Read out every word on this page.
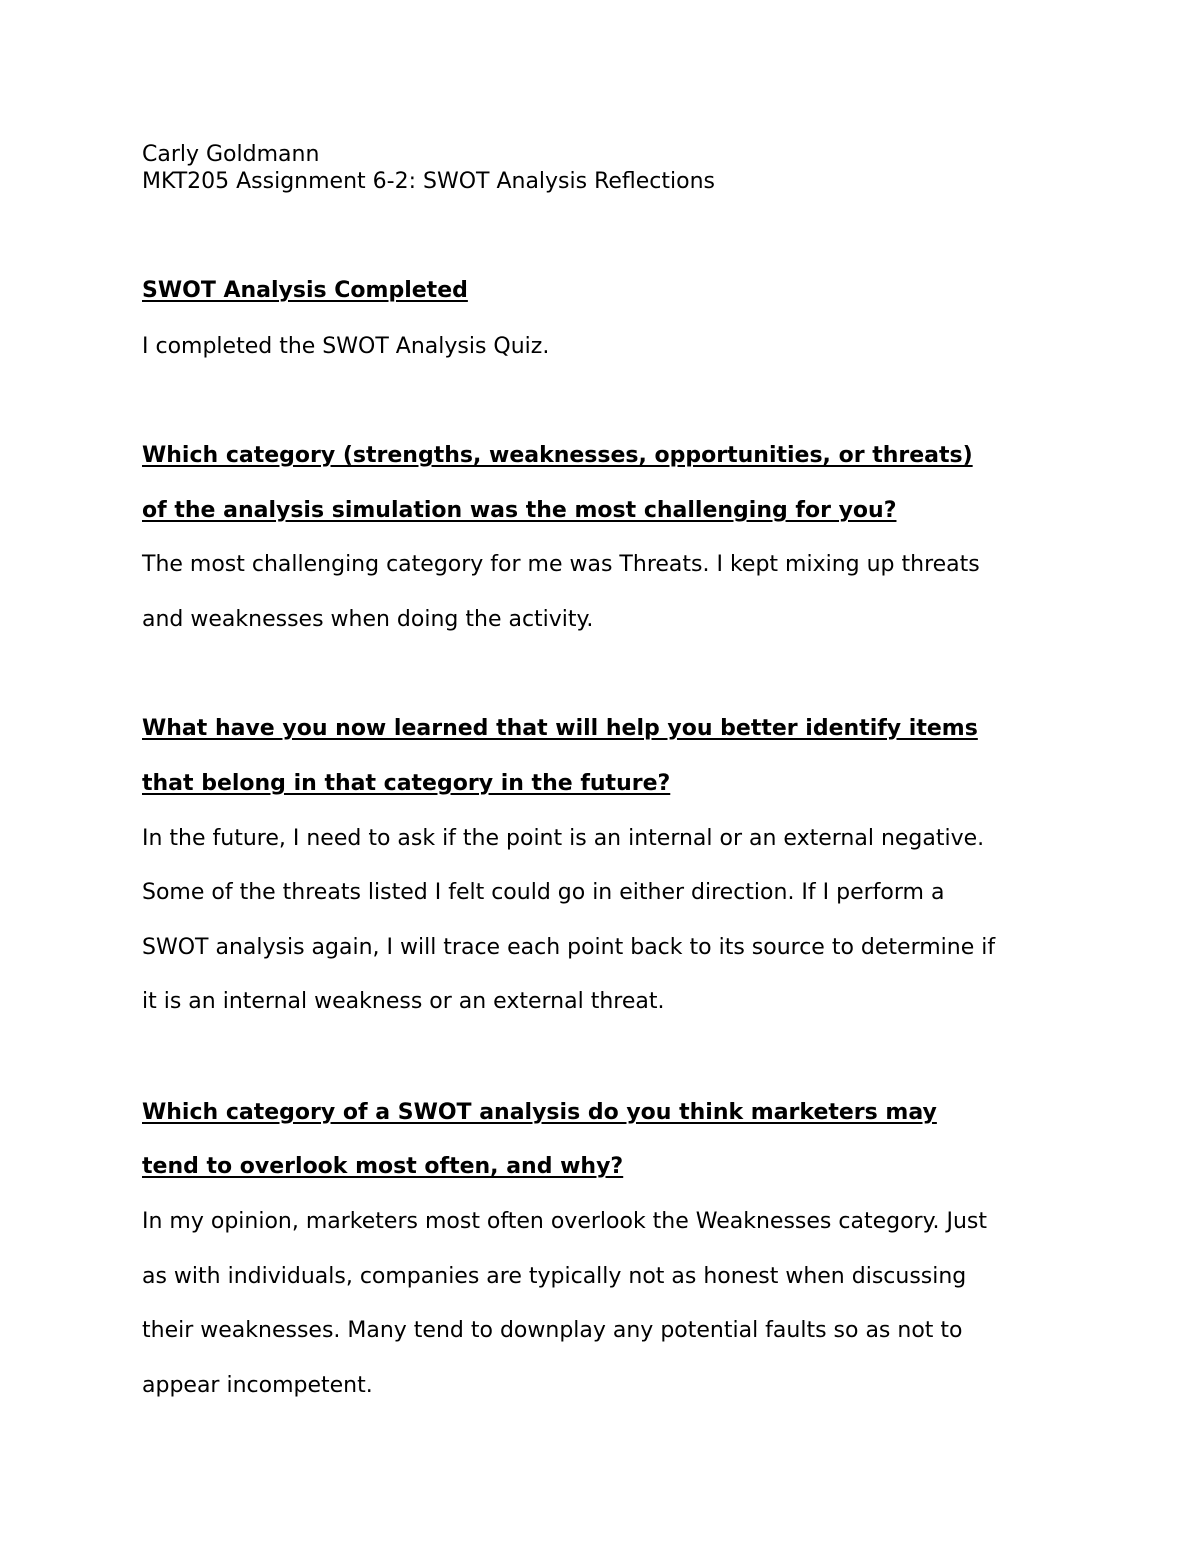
Carly Goldmann

MKT205 Assignment 6-2: SWOT Analysis Reflections

SWOT Analysis Completed

I completed the SWOT Analysis Quiz.

Which category (strengths, weaknesses, opportunities, or threats)

of the analysis simulation was the most challenging for you?

The most challenging category for me was Threats. I kept mixing up threats

and weaknesses when doing the activity.

What have you now learned that will help you better identify items

that belong in that category in the future?

In the future, I need to ask if the point is an internal or an external negative.

Some of the threats listed I felt could go in either direction. If I perform a

SWOT analysis again, I will trace each point back to its source to determine if

it is an internal weakness or an external threat.

Which category of a SWOT analysis do you think marketers may

tend to overlook most often, and why?

In my opinion, marketers most often overlook the Weaknesses category. Just

as with individuals, companies are typically not as honest when discussing

their weaknesses. Many tend to downplay any potential faults so as not to

appear incompetent.
